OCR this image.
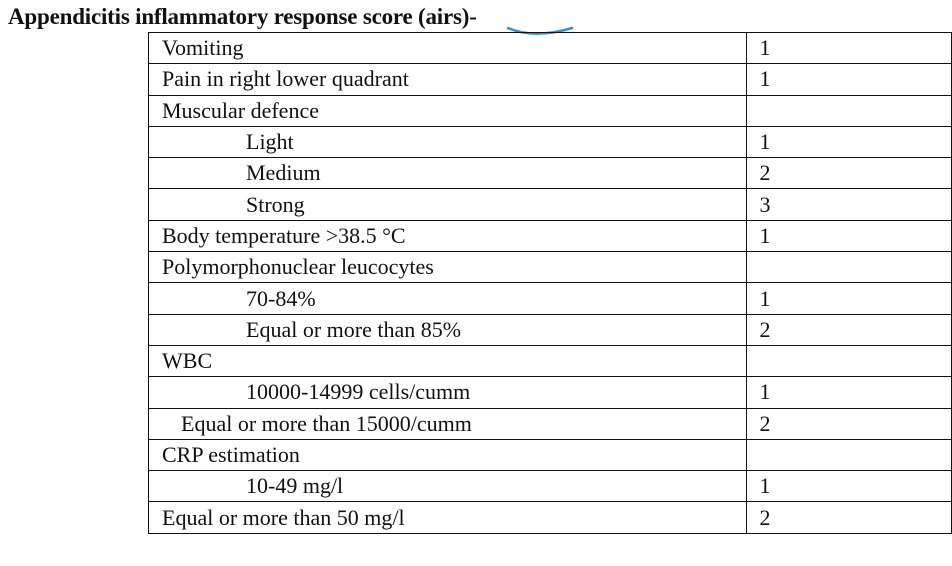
Appendicitis inflammatory response score (airs)-
Vomiting	1
Pain in right lower quadrant	1
Muscular defence	
Light	1
Medium	2
Strong	3
Body temperature >38.5 °C	1
Polymorphonuclear leucocytes	
70-84%	1
Equal or more than 85%	2
WBC	
10000-14999 cells/cumm	1
Equal or more than 15000/cumm	2
CRP estimation	
10-49 mg/l	1
Equal or more than 50 mg/l	2
